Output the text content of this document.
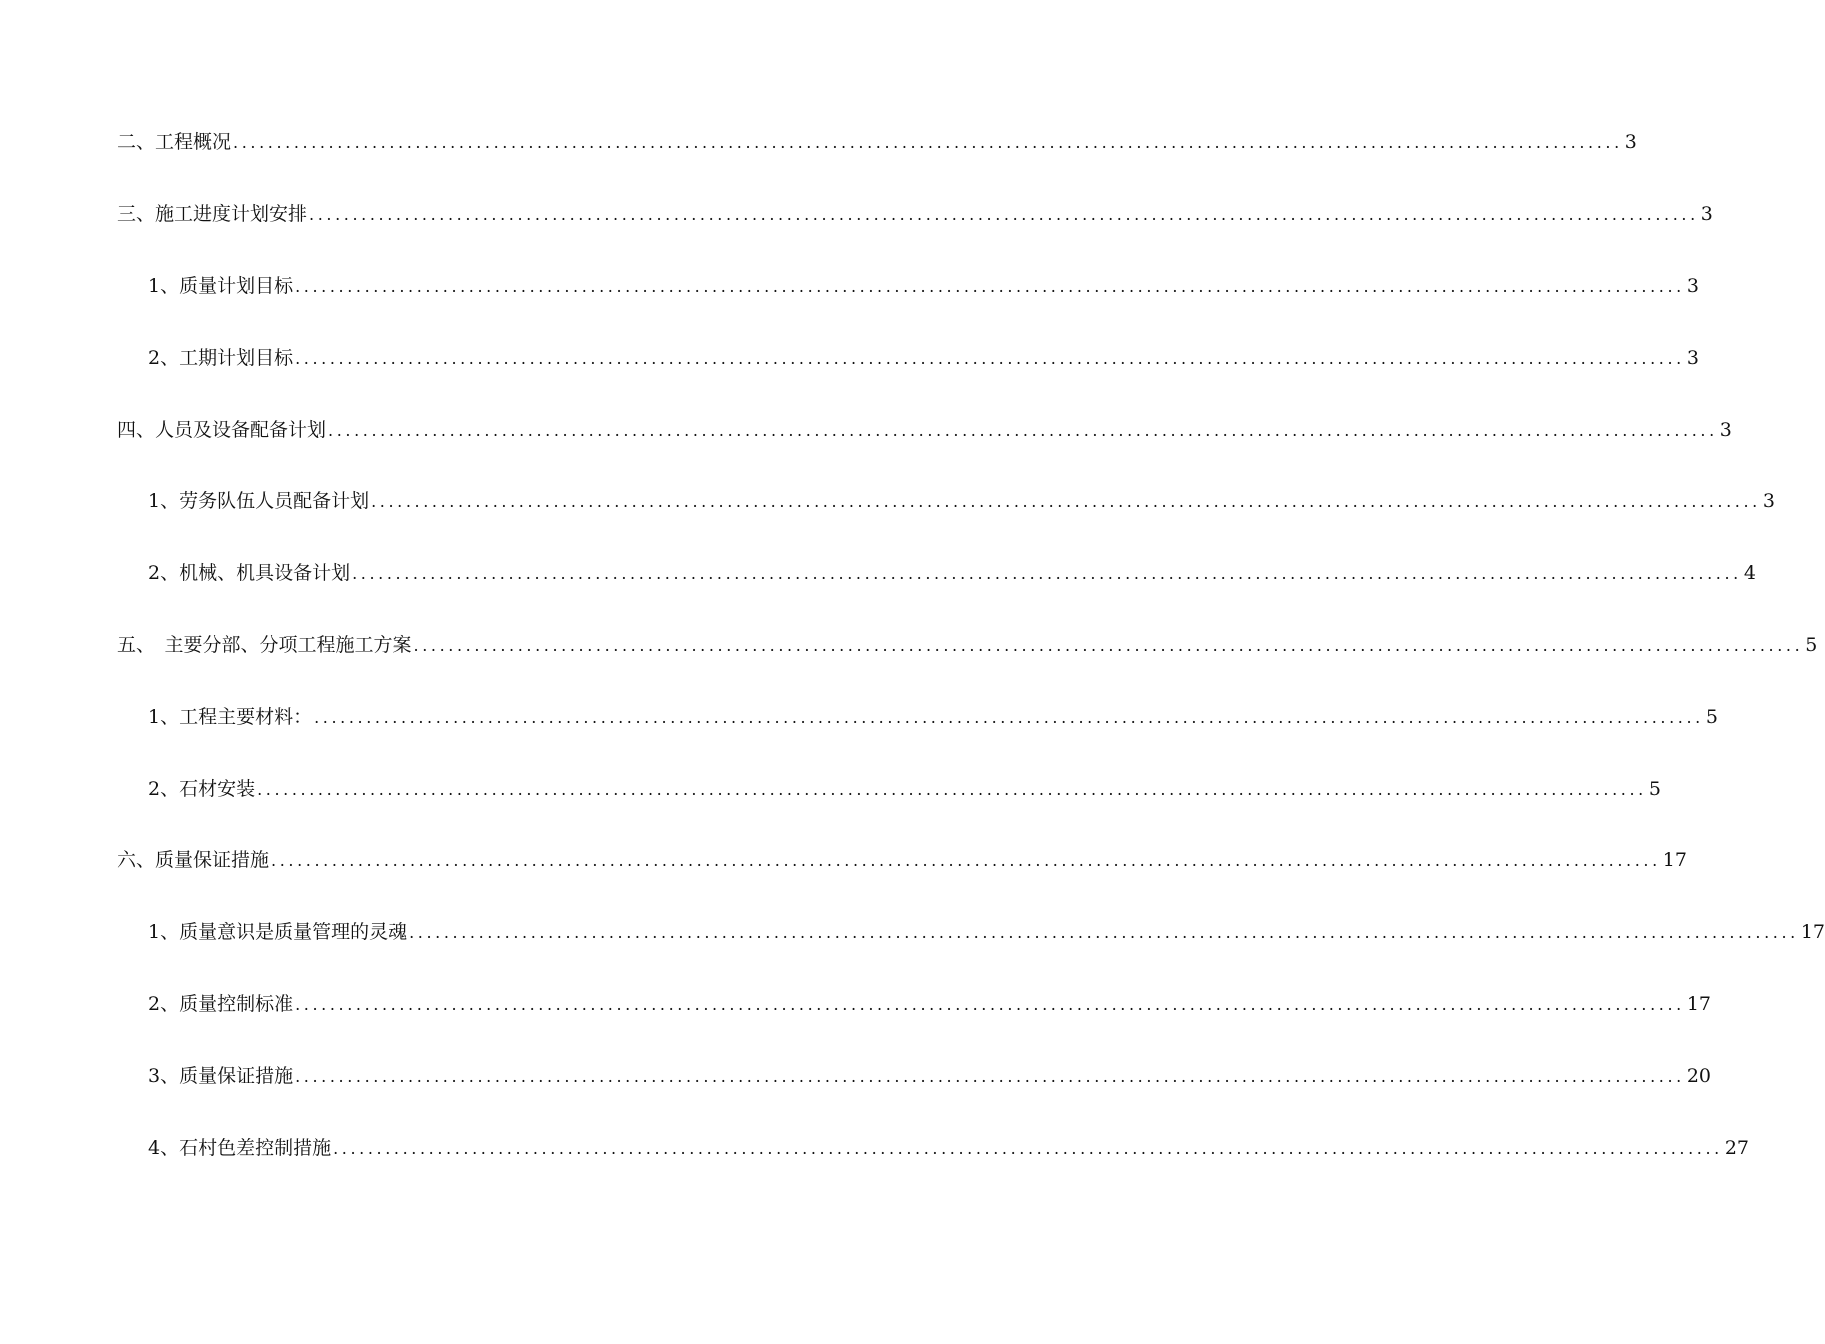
二、工程概况 ................................................................................................................................................................ 3
三、施工进度计划安排 ................................................................................................................................................................ 3
1、质量计划目标 ................................................................................................................................................................ 3
2、工期计划目标 ................................................................................................................................................................ 3
四、人员及设备配备计划 ................................................................................................................................................................ 3
1、劳务队伍人员配备计划 ................................................................................................................................................................ 3
2、机械、机具设备计划 ................................................................................................................................................................ 4
五、　主要分部、分项工程施工方案 ................................................................................................................................................................ 5
1、工程主要材料： ................................................................................................................................................................ 5
2、石材安装 ................................................................................................................................................................ 5
六、质量保证措施 ................................................................................................................................................................ 17
1、质量意识是质量管理的灵魂 ................................................................................................................................................................ 17
2、质量控制标准 ................................................................................................................................................................ 17
3、质量保证措施 ................................................................................................................................................................ 20
4、石村色差控制措施 ................................................................................................................................................................ 27
